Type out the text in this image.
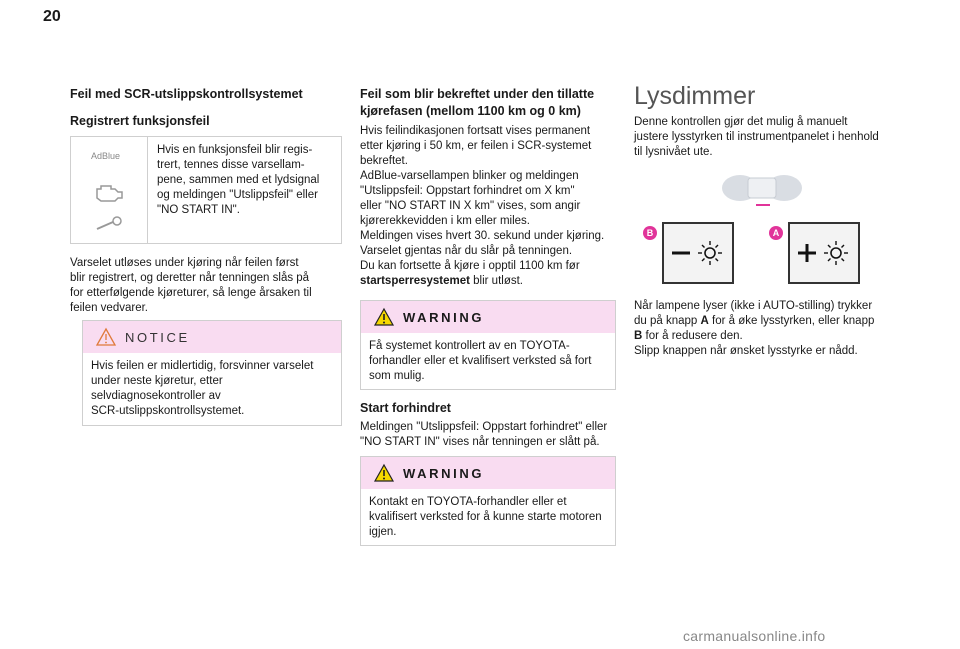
20
Feil med SCR-utslippskontrollsystemet
Registrert funksjonsfeil
AdBlue	Hvis en funksjonsfeil blir regis-
trert, tennes disse varsellam-
pene, sammen med et lydsignal
og meldingen "Utslippsfeil" eller
"NO START IN".
Varselet utløses under kjøring når feilen først
blir registrert, og deretter når tenningen slås på
for etterfølgende kjøreturer, så lenge årsaken til
feilen vedvarer.
NOTICE
Hvis feilen er midlertidig, forsvinner varselet
under neste kjøretur, etter
selvdiagnosekontroller av
SCR-utslippskontrollsystemet.
Feil som blir bekreftet under den tillatte
kjørefasen (mellom 1100 km og 0 km)
Hvis feilindikasjonen fortsatt vises permanent
etter kjøring i 50 km, er feilen i SCR-systemet
bekreftet.
AdBlue-varsellampen blinker og meldingen
"Utslippsfeil: Oppstart forhindret om X km"
eller "NO START IN X km" vises, som angir
kjørerekkevidden i km eller miles.
Meldingen vises hvert 30. sekund under kjøring.
Varselet gjentas når du slår på tenningen.
Du kan fortsette å kjøre i opptil 1100 km før
startsperresystemet blir utløst.
WARNING
Få systemet kontrollert av en TOYOTA-
forhandler eller et kvalifisert verksted så fort
som mulig.
Start forhindret
Meldingen "Utslippsfeil: Oppstart forhindret" eller
"NO START IN" vises når tenningen er slått på.
WARNING
Kontakt en TOYOTA-forhandler eller et
kvalifisert verksted for å kunne starte motoren
igjen.
Lysdimmer
Denne kontrollen gjør det mulig å manuelt
justere lysstyrken til instrumentpanelet i henhold
til lysnivået ute.
B	A
Når lampene lyser (ikke i AUTO-stilling) trykker
du på knapp A for å øke lysstyrken, eller knapp
B for å redusere den.
Slipp knappen når ønsket lysstyrke er nådd.
carmanualsonline.info
